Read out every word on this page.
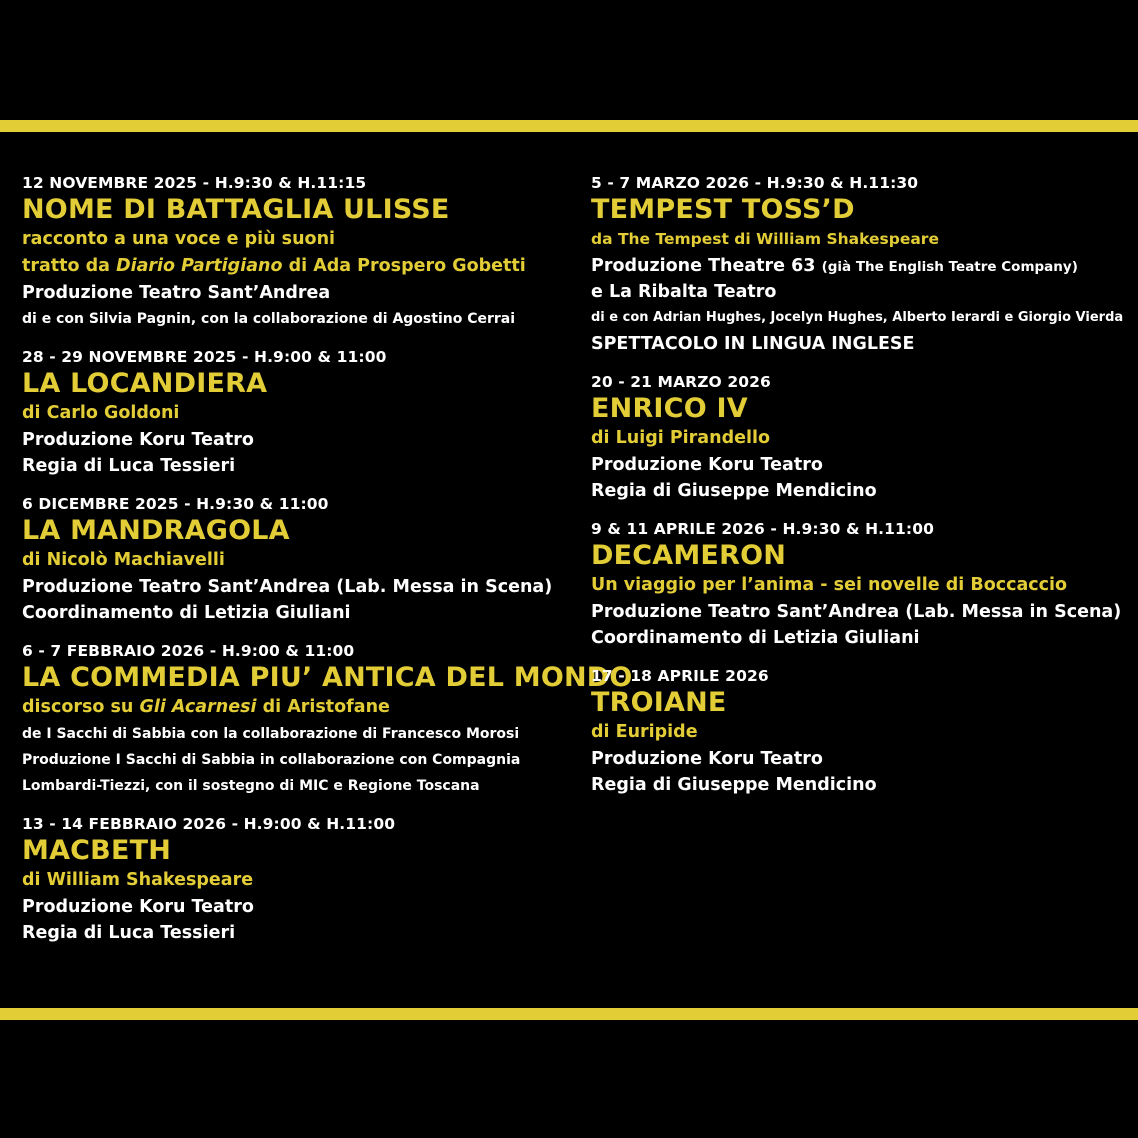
12 NOVEMBRE 2025 - H.9:30 & H.11:15
NOME DI BATTAGLIA ULISSE
racconto a una voce e più suoni
tratto da Diario Partigiano di Ada Prospero Gobetti
Produzione Teatro Sant’Andrea
di e con Silvia Pagnin, con la collaborazione di Agostino Cerrai
28 - 29 NOVEMBRE 2025 - H.9:00 & 11:00
LA LOCANDIERA
di Carlo Goldoni
Produzione Koru Teatro
Regia di Luca Tessieri
6 DICEMBRE 2025 - H.9:30 & 11:00
LA MANDRAGOLA
di Nicolò Machiavelli
Produzione Teatro Sant’Andrea (Lab. Messa in Scena)
Coordinamento di Letizia Giuliani
6 - 7 FEBBRAIO 2026 - H.9:00 & 11:00
LA COMMEDIA PIU’ ANTICA DEL MONDO
discorso su Gli Acarnesi di Aristofane
de I Sacchi di Sabbia con la collaborazione di Francesco Morosi
Produzione I Sacchi di Sabbia in collaborazione con Compagnia
Lombardi-Tiezzi, con il sostegno di MIC e Regione Toscana
13 - 14 FEBBRAIO 2026 - H.9:00 & H.11:00
MACBETH
di William Shakespeare
Produzione Koru Teatro
Regia di Luca Tessieri
5 - 7 MARZO 2026 - H.9:30 & H.11:30
TEMPEST TOSS’D
da The Tempest di William Shakespeare
Produzione Theatre 63 (già The English Teatre Company)
e La Ribalta Teatro
di e con Adrian Hughes, Jocelyn Hughes, Alberto Ierardi e Giorgio Vierda
SPETTACOLO IN LINGUA INGLESE
20 - 21 MARZO 2026
ENRICO IV
di Luigi Pirandello
Produzione Koru Teatro
Regia di Giuseppe Mendicino
9 & 11 APRILE 2026 - H.9:30 & H.11:00
DECAMERON
Un viaggio per l’anima - sei novelle di Boccaccio
Produzione Teatro Sant’Andrea (Lab. Messa in Scena)
Coordinamento di Letizia Giuliani
17 - 18 APRILE 2026
TROIANE
di Euripide
Produzione Koru Teatro
Regia di Giuseppe Mendicino
